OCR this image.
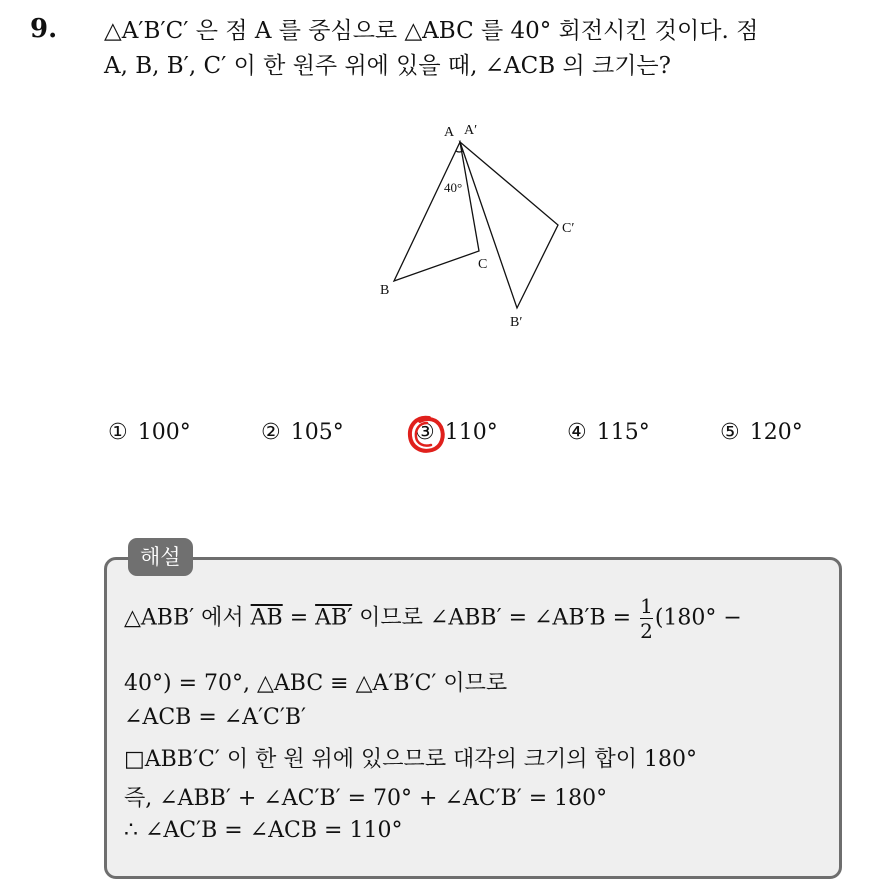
9. △A′B′C′ 은 점 A 를 중심으로 △ABC 를 40° 회전시킨 것이다. 점
A, B, B′, C′ 이 한 원주 위에 있을 때, ∠ACB 의 크기는?
A A′
40°
B
C
C′
B′
① 100°	② 105°	③ 110°	④ 115°	⑤ 120°
해설
△ABB′ 에서 $\overline{AB} = AB'$ 이므로 ∠ABB′ = ∠AB′B = $\frac{1}{2} (180^\circ$ −
40°) = 70°, △ABC ≡ △A′B′C′ 이므로
∠ACB = ∠A′C′B′
□ABB′C′ 이 한 원 위에 있으므로 대각의 크기의 합이 180°
즉, ∠ABB′ + ∠AC′B′ = 70° + ∠AC′B′ = 180°
∴ ∠AC′B = ∠ACB = 110°
